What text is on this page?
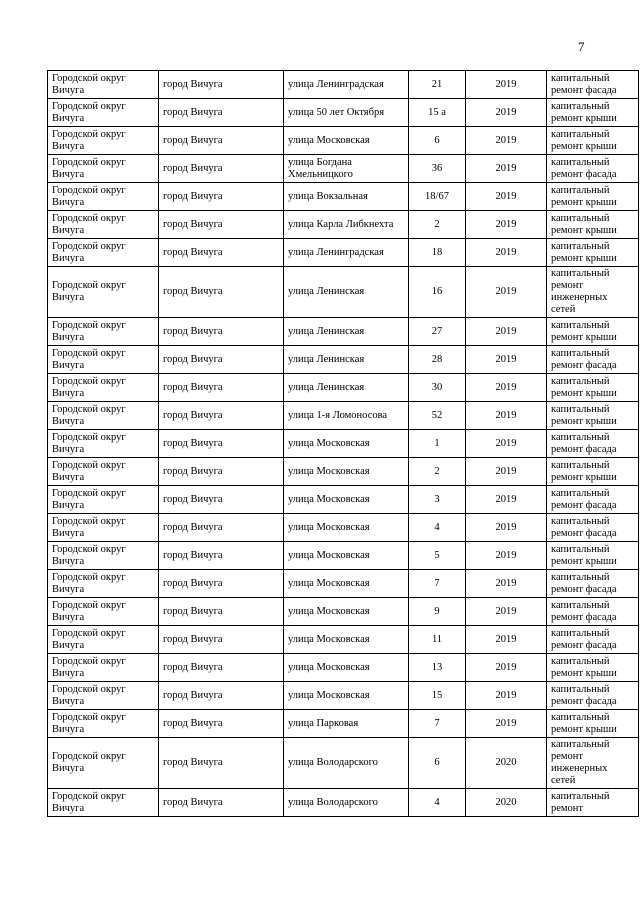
7
Городской округ Вичуга	город Вичуга	улица Ленинградская	21	2019	капитальный ремонт фасада
Городской округ Вичуга	город Вичуга	улица 50 лет Октября	15 а	2019	капитальный ремонт крыши
Городской округ Вичуга	город Вичуга	улица Московская	6	2019	капитальный ремонт крыши
Городской округ Вичуга	город Вичуга	улица Богдана Хмельницкого	36	2019	капитальный ремонт фасада
Городской округ Вичуга	город Вичуга	улица Вокзальная	18/67	2019	капитальный ремонт крыши
Городской округ Вичуга	город Вичуга	улица Карла Либкнехта	2	2019	капитальный ремонт крыши
Городской округ Вичуга	город Вичуга	улица Ленинградская	18	2019	капитальный ремонт крыши
Городской округ Вичуга	город Вичуга	улица Ленинская	16	2019	капитальный ремонт инженерных сетей
Городской округ Вичуга	город Вичуга	улица Ленинская	27	2019	капитальный ремонт крыши
Городской округ Вичуга	город Вичуга	улица Ленинская	28	2019	капитальный ремонт фасада
Городской округ Вичуга	город Вичуга	улица Ленинская	30	2019	капитальный ремонт крыши
Городской округ Вичуга	город Вичуга	улица 1-я Ломоносова	52	2019	капитальный ремонт крыши
Городской округ Вичуга	город Вичуга	улица Московская	1	2019	капитальный ремонт фасада
Городской округ Вичуга	город Вичуга	улица Московская	2	2019	капитальный ремонт крыши
Городской округ Вичуга	город Вичуга	улица Московская	3	2019	капитальный ремонт фасада
Городской округ Вичуга	город Вичуга	улица Московская	4	2019	капитальный ремонт фасада
Городской округ Вичуга	город Вичуга	улица Московская	5	2019	капитальный ремонт крыши
Городской округ Вичуга	город Вичуга	улица Московская	7	2019	капитальный ремонт фасада
Городской округ Вичуга	город Вичуга	улица Московская	9	2019	капитальный ремонт фасада
Городской округ Вичуга	город Вичуга	улица Московская	11	2019	капитальный ремонт фасада
Городской округ Вичуга	город Вичуга	улица Московская	13	2019	капитальный ремонт крыши
Городской округ Вичуга	город Вичуга	улица Московская	15	2019	капитальный ремонт фасада
Городской округ Вичуга	город Вичуга	улица Парковая	7	2019	капитальный ремонт крыши
Городской округ Вичуга	город Вичуга	улица Володарского	6	2020	капитальный ремонт инженерных сетей
Городской округ Вичуга	город Вичуга	улица Володарского	4	2020	капитальный ремонт
